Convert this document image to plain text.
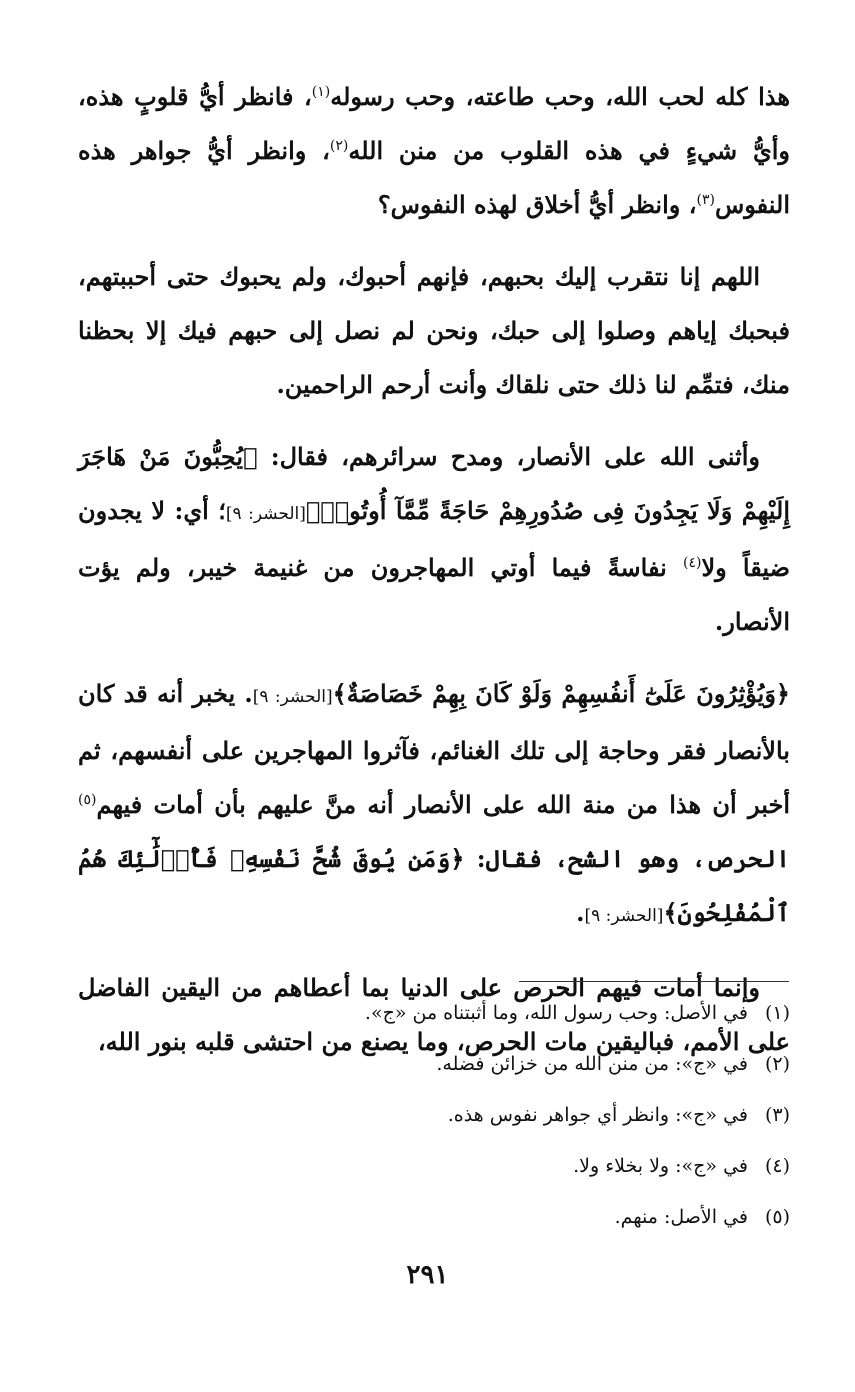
هذا كله لحب الله، وحب طاعته، وحب رسوله$^{(١)}$، فانظر أيُّ قلوبٍ هذه، وأيُّ شيءٍ في هذه القلوب من منن الله$^{(٢)}$، وانظر أيُّ جواهر هذه النفوس$^{(٣)}$، وانظر أيُّ أخلاق لهذه النفوس؟

اللهم إنا نتقرب إليك بحبهم، فإنهم أحبوك، ولم يحبوك حتى أحببتهم، فبحبك إياهم وصلوا إلى حبك، ونحن لم نصل إلى حبهم فيك إلا بحظنا منك، فتمِّم لنا ذلك حتى نلقاك وأنت أرحم الراحمين.

وأثنى الله على الأنصار، ومدح سرائرهم، فقال: ﴿يُحِبُّونَ مَنْ هَاجَرَ إِلَيْهِمْ وَلَا يَجِدُونَ فِى صُدُورِهِمْ حَاجَةً مِّمَّآ أُوتُوا۟﴾[الحشر: ٩]؛ أي: لا يجدون ضيقاً ولا$^{(٤)}$ نفاسةً فيما أوتي المهاجرون من غنيمة خيبر، ولم يؤت الأنصار.

﴿وَيُؤْثِرُونَ عَلَىٰٓ أَنفُسِهِمْ وَلَوْ كَانَ بِهِمْ خَصَاصَةٌ﴾[الحشر: ٩]. يخبر أنه قد كان بالأنصار فقر وحاجة إلى تلك الغنائم، فآثروا المهاجرين على أنفسهم، ثم أخبر أن هذا من منة الله على الأنصار أنه منَّ عليهم بأن أمات فيهم$^{(٥)}$ الحرص، وهو الشح، فقال: ﴿وَمَن يُوقَ شُحَّ نَفْسِهِۦ فَأُو۟لَٰٓئِكَ هُمُ ٱلْمُفْلِحُونَ﴾[الحشر: ٩].

وإنما أمات فيهم الحرص على الدنيا بما أعطاهم من اليقين الفاضل على الأمم، فباليقين مات الحرص، وما يصنع من احتشى قلبه بنور الله،

(١)في الأصل: وحب رسول الله، وما أثبتناه من «ج».
(٢)في «ج»: من منن الله من خزائن فضله.
(٣)في «ج»: وانظر أي جواهر نفوس هذه.
(٤)في «ج»: ولا بخلاء ولا.
(٥)في الأصل: منهم.
٢٩١
